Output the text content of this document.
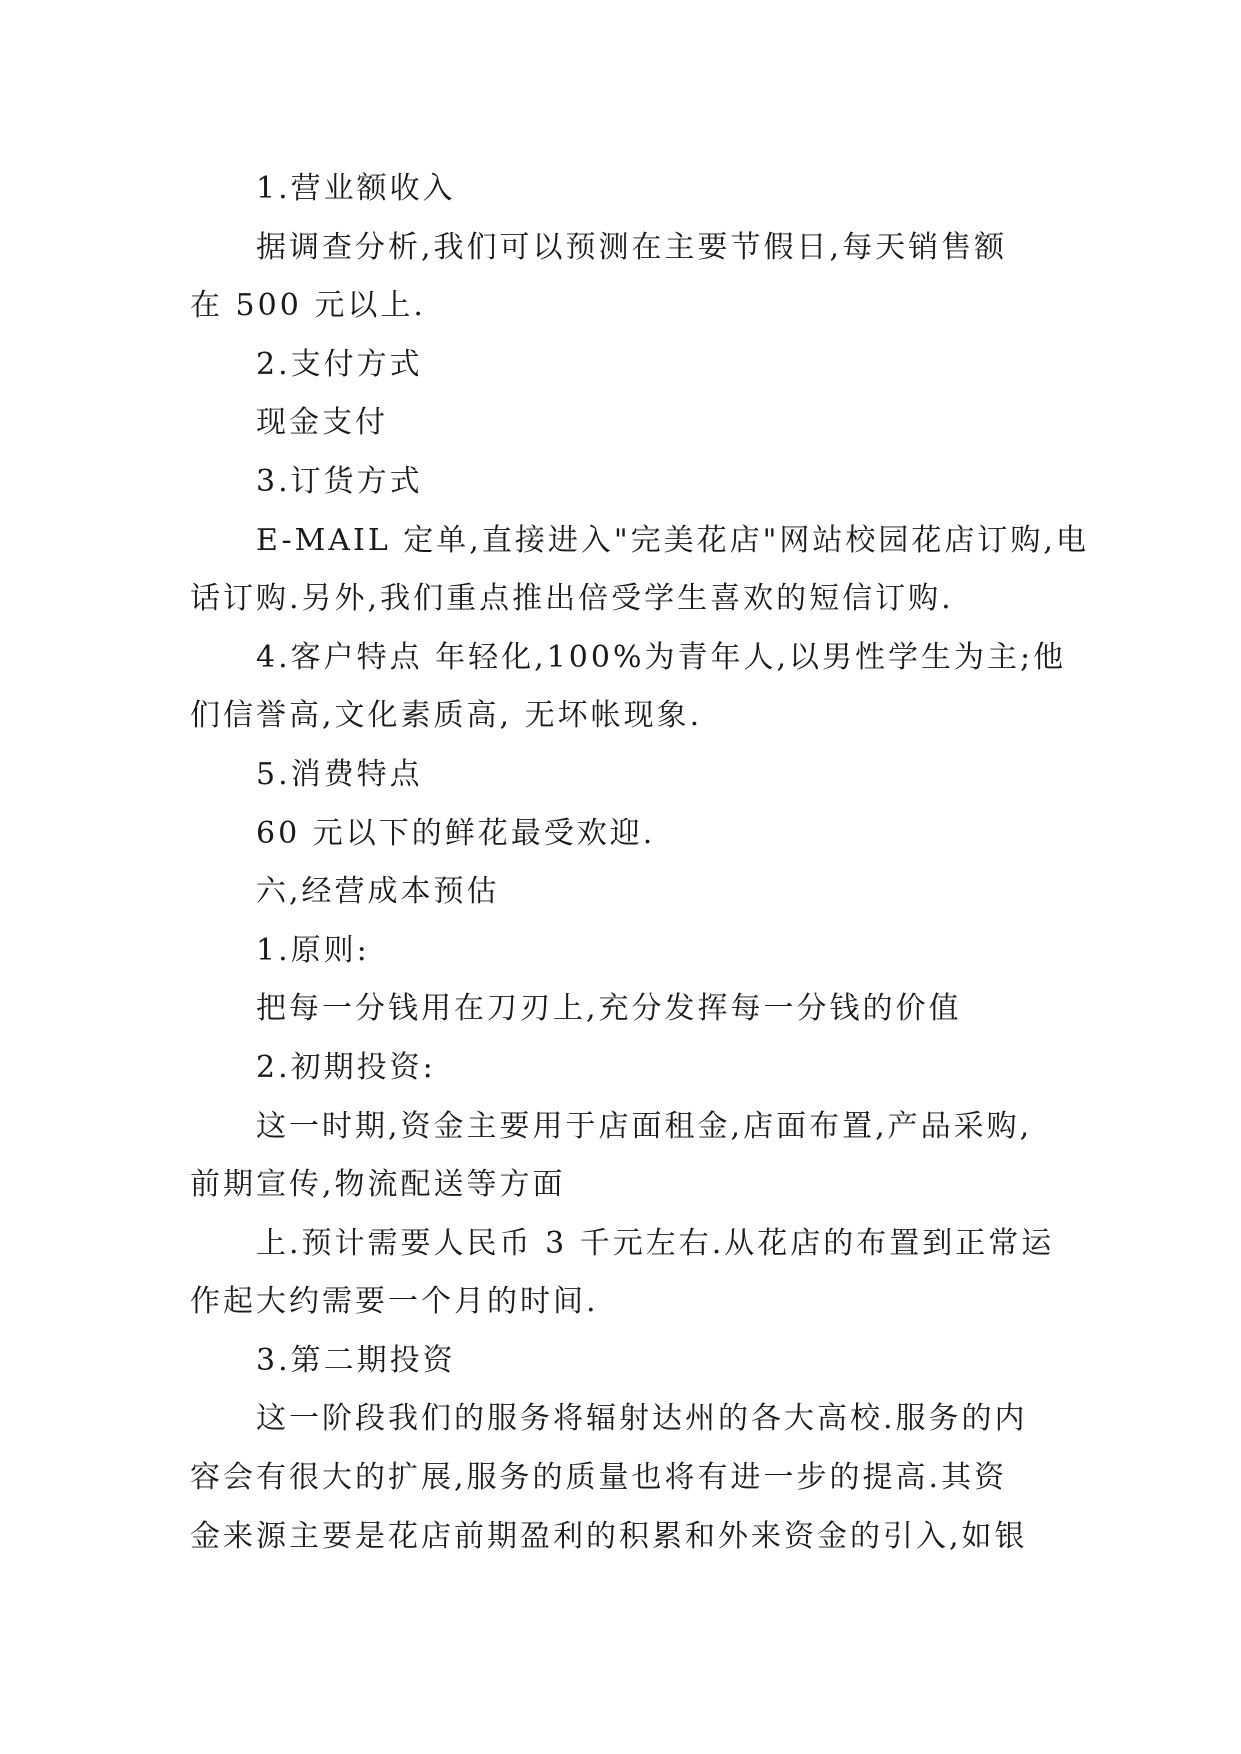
1.营业额收入
据调查分析,我们可以预测在主要节假日,每天销售额
在 500 元以上.
2.支付方式
现金支付
3.订货方式
E-MAIL 定单,直接进入"完美花店"网站校园花店订购,电
话订购.另外,我们重点推出倍受学生喜欢的短信订购.
4.客户特点 年轻化,100%为青年人,以男性学生为主;他
们信誉高,文化素质高, 无坏帐现象.
5.消费特点
60 元以下的鲜花最受欢迎.
六,经营成本预估
1.原则:
把每一分钱用在刀刃上,充分发挥每一分钱的价值
2.初期投资:
这一时期,资金主要用于店面租金,店面布置,产品采购,
前期宣传,物流配送等方面
上.预计需要人民币 3 千元左右.从花店的布置到正常运
作起大约需要一个月的时间.
3.第二期投资
这一阶段我们的服务将辐射达州的各大高校.服务的内
容会有很大的扩展,服务的质量也将有进一步的提高.其资
金来源主要是花店前期盈利的积累和外来资金的引入,如银
